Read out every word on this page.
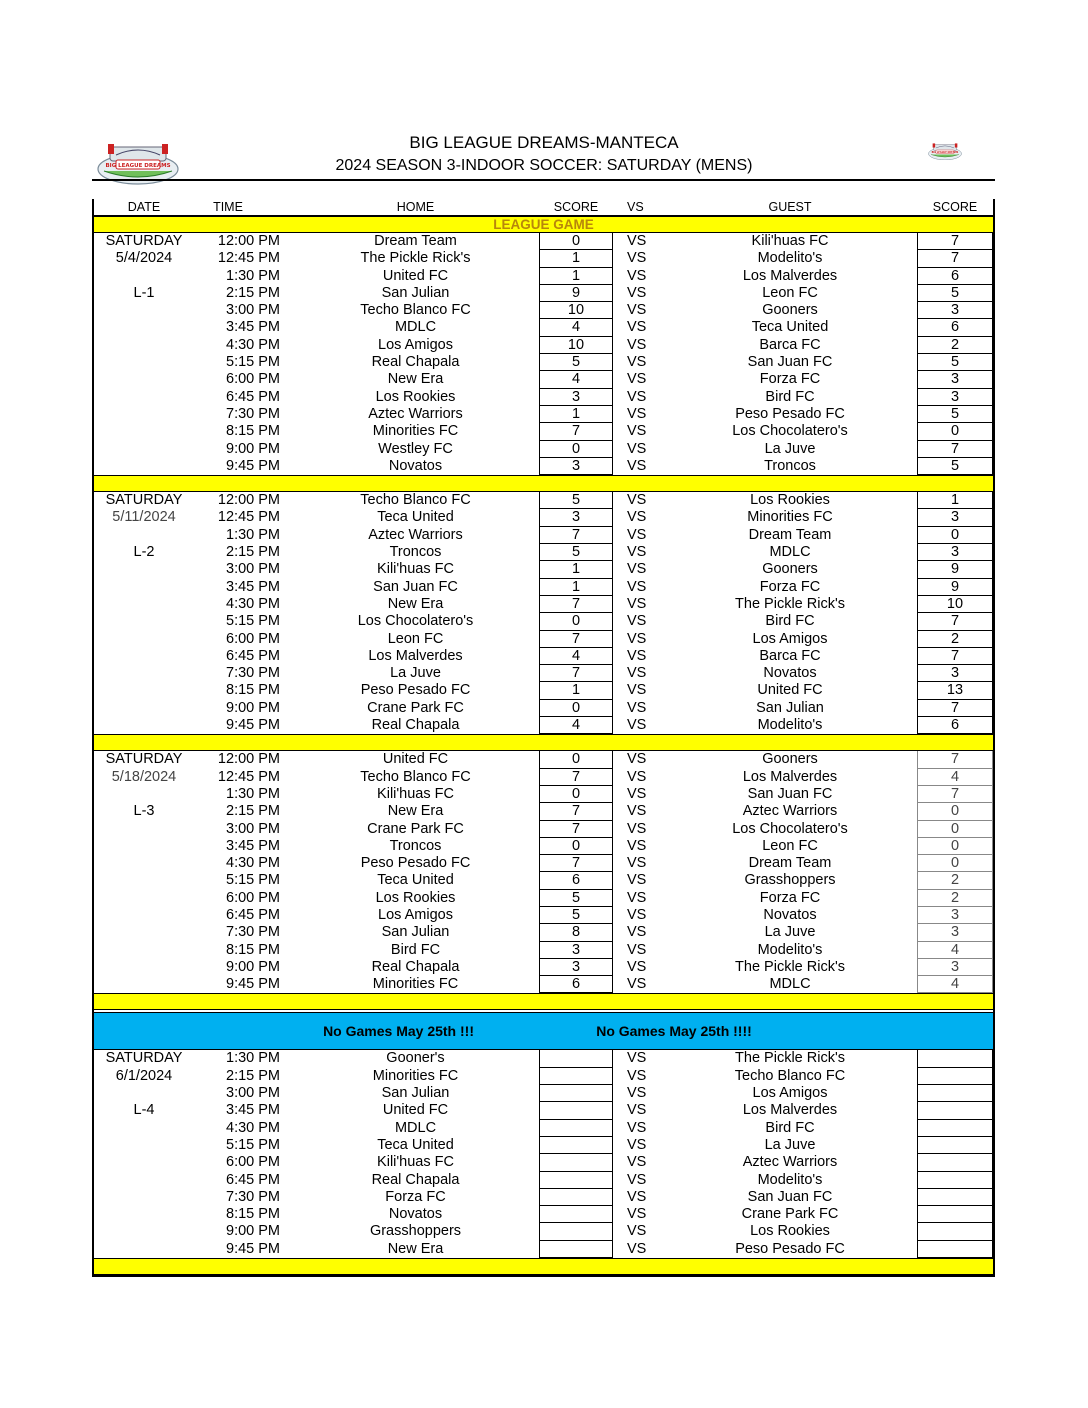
BIG LEAGUE DREAMS-MANTECA
2024 SEASON 3-INDOOR SOCCER: SATURDAY (MENS)
BIG LEAGUE DREAMS
BIG LEAGUE DREAMS
DATE	TIME	HOME	SCORE	VS	GUEST	SCORE
LEAGUE GAME
SATURDAY	12:00 PM	Dream Team	0	VS	Kili'huas FC	7
5/4/2024	12:45 PM	The Pickle Rick's	1	VS	Modelito's	7
1:30 PM	United FC	1	VS	Los Malverdes	6
L-1	2:15 PM	San Julian	9	VS	Leon FC	5
3:00 PM	Techo Blanco FC	10	VS	Gooners	3
3:45 PM	MDLC	4	VS	Teca United	6
4:30 PM	Los Amigos	10	VS	Barca FC	2
5:15 PM	Real Chapala	5	VS	San Juan FC	5
6:00 PM	New Era	4	VS	Forza FC	3
6:45 PM	Los Rookies	3	VS	Bird FC	3
7:30 PM	Aztec Warriors	1	VS	Peso Pesado FC	5
8:15 PM	Minorities FC	7	VS	Los Chocolatero's	0
9:00 PM	Westley FC	0	VS	La Juve	7
9:45 PM	Novatos	3	VS	Troncos	5
SATURDAY	12:00 PM	Techo Blanco FC	5	VS	Los Rookies	1
5/11/2024	12:45 PM	Teca United	3	VS	Minorities FC	3
1:30 PM	Aztec Warriors	7	VS	Dream Team	0
L-2	2:15 PM	Troncos	5	VS	MDLC	3
3:00 PM	Kili'huas FC	1	VS	Gooners	9
3:45 PM	San Juan FC	1	VS	Forza FC	9
4:30 PM	New Era	7	VS	The Pickle Rick's	10
5:15 PM	Los Chocolatero's	0	VS	Bird FC	7
6:00 PM	Leon FC	7	VS	Los Amigos	2
6:45 PM	Los Malverdes	4	VS	Barca FC	7
7:30 PM	La Juve	7	VS	Novatos	3
8:15 PM	Peso Pesado FC	1	VS	United FC	13
9:00 PM	Crane Park FC	0	VS	San Julian	7
9:45 PM	Real Chapala	4	VS	Modelito's	6
SATURDAY	12:00 PM	United FC	0	VS	Gooners	7
5/18/2024	12:45 PM	Techo Blanco FC	7	VS	Los Malverdes	4
1:30 PM	Kili'huas FC	0	VS	San Juan FC	7
L-3	2:15 PM	New Era	7	VS	Aztec Warriors	0
3:00 PM	Crane Park FC	7	VS	Los Chocolatero's	0
3:45 PM	Troncos	0	VS	Leon FC	0
4:30 PM	Peso Pesado FC	7	VS	Dream Team	0
5:15 PM	Teca United	6	VS	Grasshoppers	2
6:00 PM	Los Rookies	5	VS	Forza FC	2
6:45 PM	Los Amigos	5	VS	Novatos	3
7:30 PM	San Julian	8	VS	La Juve	3
8:15 PM	Bird FC	3	VS	Modelito's	4
9:00 PM	Real Chapala	3	VS	The Pickle Rick's	3
9:45 PM	Minorities FC	6	VS	MDLC	4
No Games May 25th !!!	No Games May 25th !!!!
SATURDAY	1:30 PM	Gooner's	VS	The Pickle Rick's
6/1/2024	2:15 PM	Minorities FC	VS	Techo Blanco FC
3:00 PM	San Julian	VS	Los Amigos
L-4	3:45 PM	United FC	VS	Los Malverdes
4:30 PM	MDLC	VS	Bird FC
5:15 PM	Teca United	VS	La Juve
6:00 PM	Kili'huas FC	VS	Aztec Warriors
6:45 PM	Real Chapala	VS	Modelito's
7:30 PM	Forza FC	VS	San Juan FC
8:15 PM	Novatos	VS	Crane Park FC
9:00 PM	Grasshoppers	VS	Los Rookies
9:45 PM	New Era	VS	Peso Pesado FC
